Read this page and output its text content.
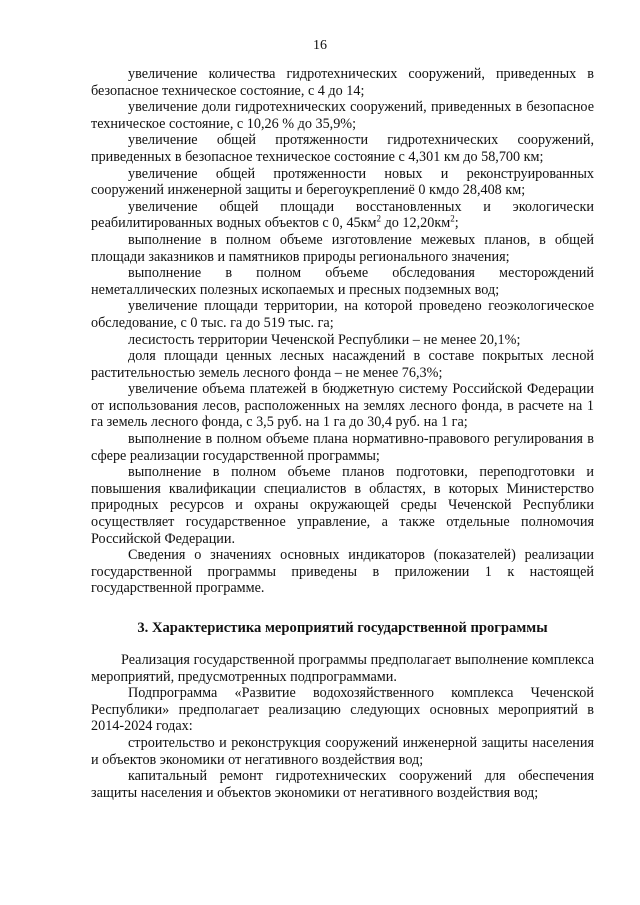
16

увеличение количества гидротехнических сооружений, приведенных в безопасное техническое состояние, с 4 до 14;

увеличение доли гидротехнических сооружений, приведенных в безопасное техническое состояние, с 10,26 % до 35,9%;

увеличение общей протяженности гидротехнических сооружений, приведенных в безопасное техническое состояние с 4,301 км до 58,700 км;

увеличение общей протяженности новых и реконструированных сооружений инженерной защиты и берегоукреплениё 0 кмдо 28,408 км;

увеличение общей площади восстановленных и экологически реабилитированных водных объектов с 0, $45км^2$ до $12,20км^2$;

выполнение в полном объеме изготовление межевых планов, в общей площади заказников и памятников природы регионального значения;

выполнение в полном объеме обследования месторождений неметаллических полезных ископаемых и пресных подземных вод;

увеличение площади территории, на которой проведено геоэкологическое обследование, с 0 тыс. га до 519 тыс. га;

лесистость территории Чеченской Республики – не менее 20,1%;

доля площади ценных лесных насаждений в составе покрытых лесной растительностью земель лесного фонда – не менее 76,3%;

увеличение объема платежей в бюджетную систему Российской Федерации от использования лесов, расположенных на землях лесного фонда, в расчете на 1 га земель лесного фонда, с 3,5 руб. на 1 га до 30,4 руб. на 1 га;

выполнение в полном объеме плана нормативно-правового регулирования в сфере реализации государственной программы;

выполнение в полном объеме планов подготовки, переподготовки и повышения квалификации специалистов в областях, в которых Министерство природных ресурсов и охраны окружающей среды Чеченской Республики осуществляет государственное управление, а также отдельные полномочия Российской Федерации.

Сведения о значениях основных индикаторов (показателей) реализации государственной программы приведены в приложении 1 к настоящей государственной программе.

3. Характеристика мероприятий государственной программы

Реализация государственной программы предполагает выполнение комплекса мероприятий, предусмотренных подпрограммами.

Подпрограмма «Развитие водохозяйственного комплекса Чеченской Республики» предполагает реализацию следующих основных мероприятий в 2014-2024 годах:

строительство и реконструкция сооружений инженерной защиты населения и объектов экономики от негативного воздействия вод;

капитальный ремонт гидротехнических сооружений для обеспечения защиты населения и объектов экономики от негативного воздействия вод;
